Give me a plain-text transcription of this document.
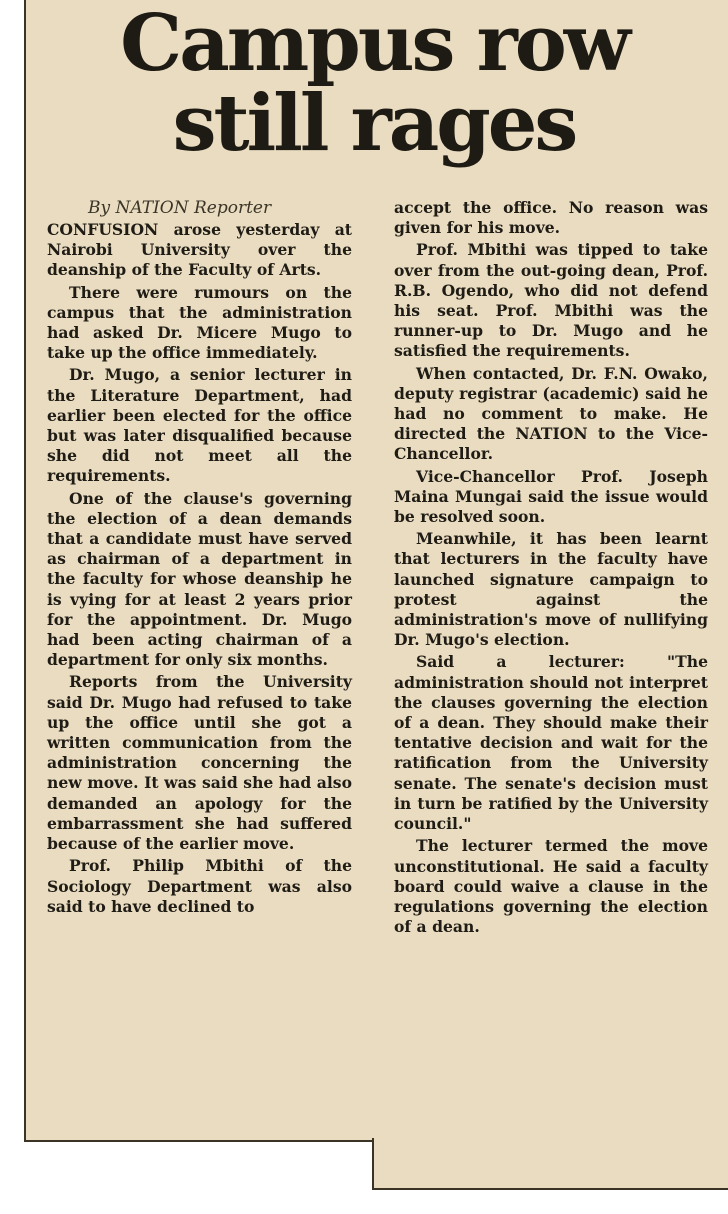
Campus row
still rages
By NATION Reporter

CONFUSION arose yesterday at Nairobi University over the deanship of the Faculty of Arts.

There were rumours on the campus that the administration had asked Dr. Micere Mugo to take up the office immediately.

Dr. Mugo, a senior lecturer in the Literature Department, had earlier been elected for the office but was later disqualified because she did not meet all the requirements.

One of the clause's governing the election of a dean demands that a candidate must have served as chairman of a department in the faculty for whose deanship he is vying for at least 2 years prior for the appointment. Dr. Mugo had been acting chairman of a department for only six months.

Reports from the University said Dr. Mugo had refused to take up the office until she got a written communication from the administration concerning the new move. It was said she had also demanded an apology for the embarrassment she had suffered because of the earlier move.

Prof. Philip Mbithi of the Sociology Department was also said to have declined to

accept the office. No reason was given for his move.

Prof. Mbithi was tipped to take over from the out-going dean, Prof. R.B. Ogendo, who did not defend his seat. Prof. Mbithi was the runner-up to Dr. Mugo and he satisfied the requirements.

When contacted, Dr. F.N. Owako, deputy registrar (academic) said he had no comment to make. He directed the NATION to the Vice-Chancellor.

Vice-Chancellor Prof. Joseph Maina Mungai said the issue would be resolved soon.

Meanwhile, it has been learnt that lecturers in the faculty have launched signature campaign to protest against the administration's move of nullifying Dr. Mugo's election.

Said a lecturer: "The administration should not interpret the clauses governing the election of a dean. They should make their tentative decision and wait for the ratification from the University senate. The senate's decision must in turn be ratified by the University council."

The lecturer termed the move unconstitutional. He said a faculty board could waive a clause in the regulations governing the election of a dean.
